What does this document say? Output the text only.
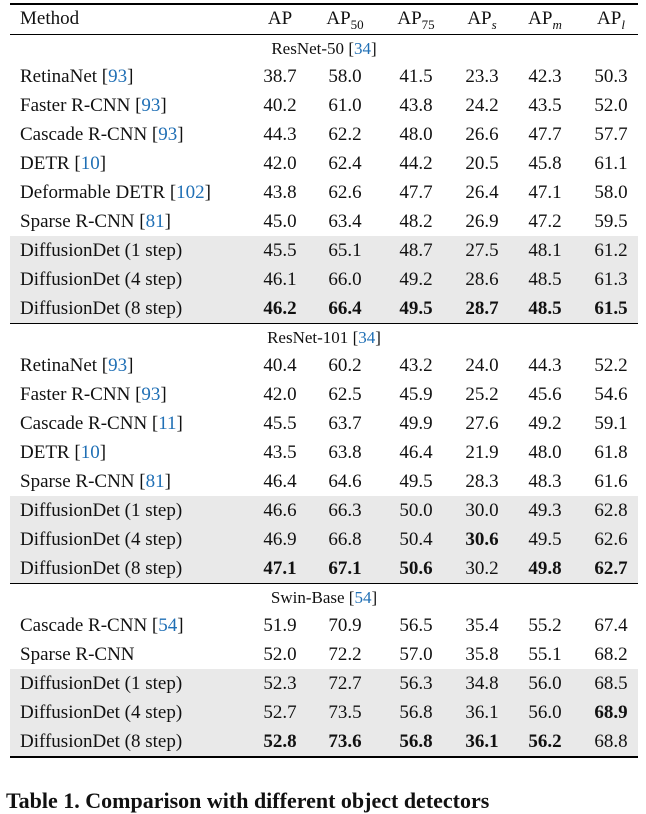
Method	AP	$AP_{50}$	$AP_{75}$	$AP_s$	$AP_m$	$AP_l$
ResNet-50 [34]
RetinaNet [93]	38.7	58.0	41.5	23.3	42.3	50.3
Faster R-CNN [93]	40.2	61.0	43.8	24.2	43.5	52.0
Cascade R-CNN [93]	44.3	62.2	48.0	26.6	47.7	57.7
DETR [10]	42.0	62.4	44.2	20.5	45.8	61.1
Deformable DETR [102]	43.8	62.6	47.7	26.4	47.1	58.0
Sparse R-CNN [81]	45.0	63.4	48.2	26.9	47.2	59.5
DiffusionDet (1 step)	45.5	65.1	48.7	27.5	48.1	61.2
DiffusionDet (4 step)	46.1	66.0	49.2	28.6	48.5	61.3
DiffusionDet (8 step)	46.2	66.4	49.5	28.7	48.5	61.5
ResNet-101 [34]
RetinaNet [93]	40.4	60.2	43.2	24.0	44.3	52.2
Faster R-CNN [93]	42.0	62.5	45.9	25.2	45.6	54.6
Cascade R-CNN [11]	45.5	63.7	49.9	27.6	49.2	59.1
DETR [10]	43.5	63.8	46.4	21.9	48.0	61.8
Sparse R-CNN [81]	46.4	64.6	49.5	28.3	48.3	61.6
DiffusionDet (1 step)	46.6	66.3	50.0	30.0	49.3	62.8
DiffusionDet (4 step)	46.9	66.8	50.4	30.6	49.5	62.6
DiffusionDet (8 step)	47.1	67.1	50.6	30.2	49.8	62.7
Swin-Base [54]
Cascade R-CNN [54]	51.9	70.9	56.5	35.4	55.2	67.4
Sparse R-CNN	52.0	72.2	57.0	35.8	55.1	68.2
DiffusionDet (1 step)	52.3	72.7	56.3	34.8	56.0	68.5
DiffusionDet (4 step)	52.7	73.5	56.8	36.1	56.0	68.9
DiffusionDet (8 step)	52.8	73.6	56.8	36.1	56.2	68.8
Table 1. Comparison with different object detectors
